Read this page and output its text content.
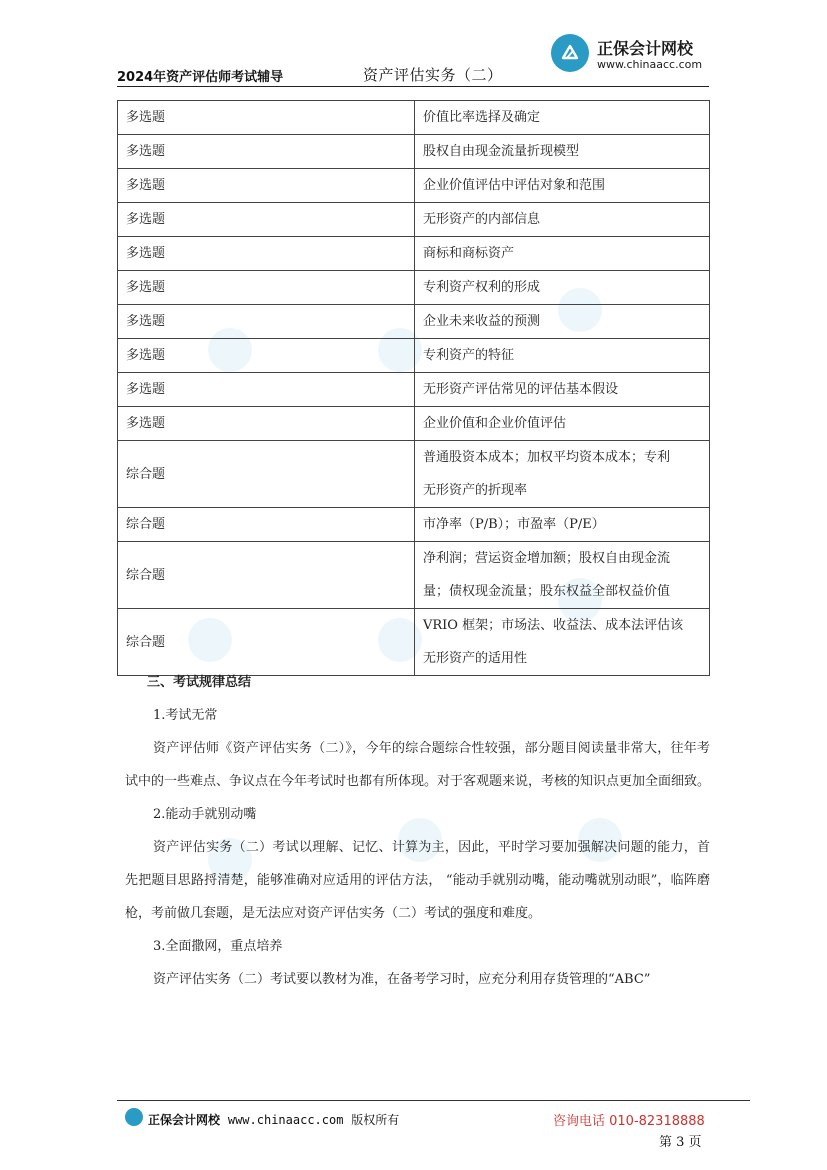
2024年资产评估师考试辅导	资产评估实务（二）
正保会计网校
www.chinaacc.com
多选题	价值比率选择及确定
多选题	股权自由现金流量折现模型
多选题	企业价值评估中评估对象和范围
多选题	无形资产的内部信息
多选题	商标和商标资产
多选题	专利资产权利的形成
多选题	企业未来收益的预测
多选题	专利资产的特征
多选题	无形资产评估常见的评估基本假设
多选题	企业价值和企业价值评估
综合题	普通股资本成本；加权平均资本成本；专利
无形资产的折现率

综合题	市净率（P/B）；市盈率（P/E）
综合题	净利润；营运资金增加额；股权自由现金流
量；债权现金流量；股东权益全部权益价值

综合题	VRIO 框架；市场法、收益法、成本法评估该
无形资产的适用性
三、考试规律总结
1.考试无常
资产评估师《资产评估实务（二）》，今年的综合题综合性较强，部分题目阅读量非常大，往年考试中的一些难点、争议点在今年考试时也都有所体现。对于客观题来说，考核的知识点更加全面细致。
2.能动手就别动嘴
资产评估实务（二）考试以理解、记忆、计算为主，因此，平时学习要加强解决问题的能力，首先把题目思路捋清楚，能够准确对应适用的评估方法， “能动手就别动嘴，能动嘴就别动眼”，临阵磨枪，考前做几套题，是无法应对资产评估实务（二）考试的强度和难度。
3.全面撒网，重点培养
资产评估实务（二）考试要以教材为准，在备考学习时，应充分利用存货管理的“ABC”
正保会计网校 www.chinaacc.com 版权所有	咨询电话 010-82318888
第 3 页
